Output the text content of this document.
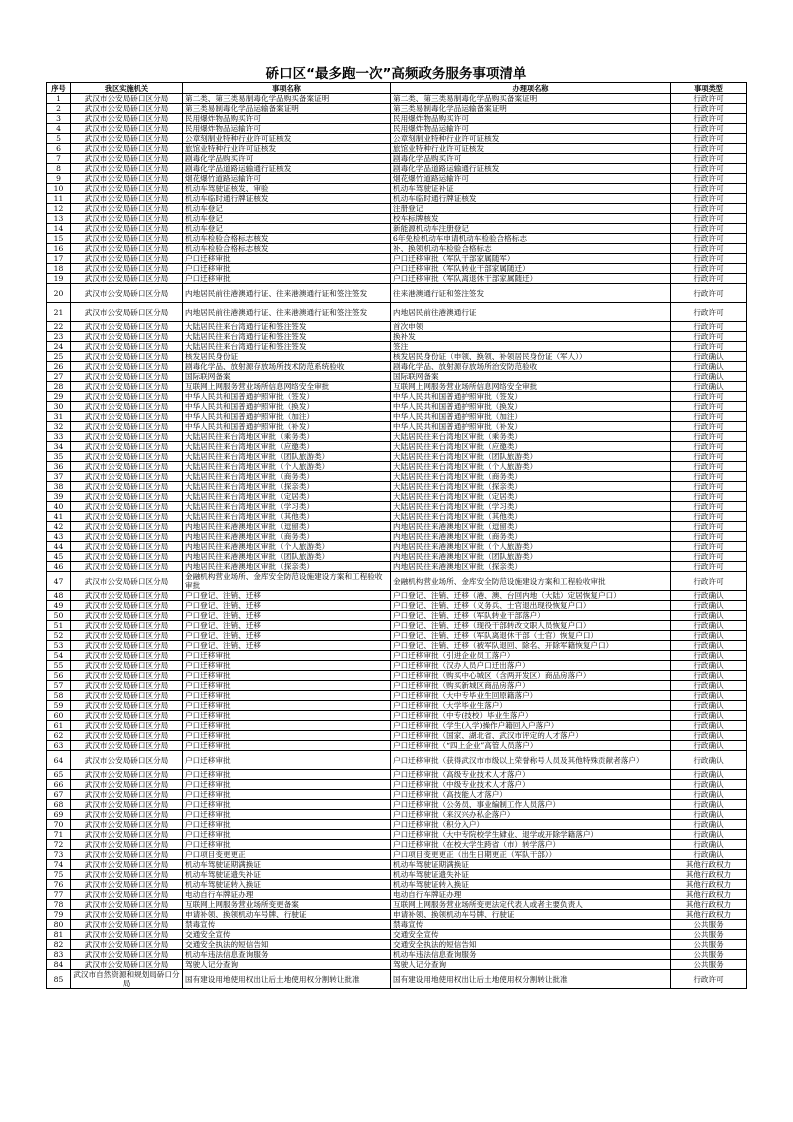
硚口区“最多跑一次”高频政务服务事项清单
序号	我区实施机关	事项名称	办理项名称	事项类型
1	武汉市公安局硚口区分局	第二类、第三类易制毒化学品购买备案证明	第二类、第三类易制毒化学品购买备案证明	行政许可
2	武汉市公安局硚口区分局	第三类易制毒化学品运输备案证明	第三类易制毒化学品运输备案证明	行政许可
3	武汉市公安局硚口区分局	民用爆炸物品购买许可	民用爆炸物品购买许可	行政许可
4	武汉市公安局硚口区分局	民用爆炸物品运输许可	民用爆炸物品运输许可	行政许可
5	武汉市公安局硚口区分局	公章刻制业特种行业许可证核发	公章刻制业特种行业许可证核发	行政许可
6	武汉市公安局硚口区分局	旅馆业特种行业许可证核发	旅馆业特种行业许可证核发	行政许可
7	武汉市公安局硚口区分局	剧毒化学品购买许可	剧毒化学品购买许可	行政许可
8	武汉市公安局硚口区分局	剧毒化学品道路运输通行证核发	剧毒化学品道路运输通行证核发	行政许可
9	武汉市公安局硚口区分局	烟花爆竹道路运输许可	烟花爆竹道路运输许可	行政许可
10	武汉市公安局硚口区分局	机动车驾驶证核发、审验	机动车驾驶证补证	行政许可
11	武汉市公安局硚口区分局	机动车临时通行牌证核发	机动车临时通行牌证核发	行政许可
12	武汉市公安局硚口区分局	机动车登记	注册登记	行政许可
13	武汉市公安局硚口区分局	机动车登记	校车标牌核发	行政许可
14	武汉市公安局硚口区分局	机动车登记	新能源机动车注册登记	行政许可
15	武汉市公安局硚口区分局	机动车检验合格标志核发	6年免检机动车申请机动车检验合格标志	行政许可
16	武汉市公安局硚口区分局	机动车检验合格标志核发	补、换领机动车检验合格标志	行政许可
17	武汉市公安局硚口区分局	户口迁移审批	户口迁移审批（军队干部家属随军）	行政许可
18	武汉市公安局硚口区分局	户口迁移审批	户口迁移审批（军队转业干部家属随迁）	行政许可
19	武汉市公安局硚口区分局	户口迁移审批	户口迁移审批（军队离退休干部家属随迁）	行政许可
20	武汉市公安局硚口区分局	内地居民前往港澳通行证、往来港澳通行证和签注签发	往来港澳通行证和签注签发	行政许可
21	武汉市公安局硚口区分局	内地居民前往港澳通行证、往来港澳通行证和签注签发	内地居民前往港澳通行证	行政许可
22	武汉市公安局硚口区分局	大陆居民往来台湾通行证和签注签发	首次申领	行政许可
23	武汉市公安局硚口区分局	大陆居民往来台湾通行证和签注签发	换补发	行政许可
24	武汉市公安局硚口区分局	大陆居民往来台湾通行证和签注签发	签注	行政许可
25	武汉市公安局硚口区分局	核发居民身份证	核发居民身份证（申领、换领、补领居民身份证（军人））	行政确认
26	武汉市公安局硚口区分局	剧毒化学品、放射源存放场所技术防范系统验收	剧毒化学品、放射源存放场所治安防范验收	行政确认
27	武汉市公安局硚口区分局	国际联网备案	国际联网备案	行政确认
28	武汉市公安局硚口区分局	互联网上网服务营业场所信息网络安全审批	互联网上网服务营业场所信息网络安全审批	行政确认
29	武汉市公安局硚口区分局	中华人民共和国普通护照审批（签发）	中华人民共和国普通护照审批（签发）	行政许可
30	武汉市公安局硚口区分局	中华人民共和国普通护照审批（换发）	中华人民共和国普通护照审批（换发）	行政许可
31	武汉市公安局硚口区分局	中华人民共和国普通护照审批（加注）	中华人民共和国普通护照审批（加注）	行政许可
32	武汉市公安局硚口区分局	中华人民共和国普通护照审批（补发）	中华人民共和国普通护照审批（补发）	行政许可
33	武汉市公安局硚口区分局	大陆居民往来台湾地区审批（乘务类）	大陆居民往来台湾地区审批（乘务类）	行政许可
34	武汉市公安局硚口区分局	大陆居民往来台湾地区审批（应邀类）	大陆居民往来台湾地区审批（应邀类）	行政许可
35	武汉市公安局硚口区分局	大陆居民往来台湾地区审批（团队旅游类）	大陆居民往来台湾地区审批（团队旅游类）	行政许可
36	武汉市公安局硚口区分局	大陆居民往来台湾地区审批（个人旅游类）	大陆居民往来台湾地区审批（个人旅游类）	行政许可
37	武汉市公安局硚口区分局	大陆居民往来台湾地区审批（商务类）	大陆居民往来台湾地区审批（商务类）	行政许可
38	武汉市公安局硚口区分局	大陆居民往来台湾地区审批（探亲类）	大陆居民往来台湾地区审批（探亲类）	行政许可
39	武汉市公安局硚口区分局	大陆居民往来台湾地区审批（定居类）	大陆居民往来台湾地区审批（定居类）	行政许可
40	武汉市公安局硚口区分局	大陆居民往来台湾地区审批（学习类）	大陆居民往来台湾地区审批（学习类）	行政许可
41	武汉市公安局硚口区分局	大陆居民往来台湾地区审批（其他类）	大陆居民往来台湾地区审批（其他类）	行政许可
42	武汉市公安局硚口区分局	内地居民往来港澳地区审批（逗留类）	内地居民往来港澳地区审批（逗留类）	行政许可
43	武汉市公安局硚口区分局	内地居民往来港澳地区审批（商务类）	内地居民往来港澳地区审批（商务类）	行政许可
44	武汉市公安局硚口区分局	内地居民往来港澳地区审批（个人旅游类）	内地居民往来港澳地区审批（个人旅游类）	行政许可
45	武汉市公安局硚口区分局	内地居民往来港澳地区审批（团队旅游类）	内地居民往来港澳地区审批（团队旅游类）	行政许可
46	武汉市公安局硚口区分局	内地居民往来港澳地区审批（探亲类）	内地居民往来港澳地区审批（探亲类）	行政许可
47	武汉市公安局硚口区分局	金融机构营业场所、金库安全防范设施建设方案和工程验收审批	金融机构营业场所、金库安全防范设施建设方案和工程验收审批	行政许可
48	武汉市公安局硚口区分局	户口登记、注销、迁移	户口登记、注销、迁移（港、澳、台回内地（大陆）定居恢复户口）	行政确认
49	武汉市公安局硚口区分局	户口登记、注销、迁移	户口登记、注销、迁移（义务兵、士官退出现役恢复户口）	行政确认
50	武汉市公安局硚口区分局	户口登记、注销、迁移	户口登记、注销、迁移（军队转业干部落户）	行政确认
51	武汉市公安局硚口区分局	户口登记、注销、迁移	户口登记、注销、迁移（现役干部转改文职人员恢复户口）	行政确认
52	武汉市公安局硚口区分局	户口登记、注销、迁移	户口登记、注销、迁移（军队离退休干部（士官）恢复户口）	行政确认
53	武汉市公安局硚口区分局	户口登记、注销、迁移	户口登记、注销、迁移（被军队退回、除名、开除军籍恢复户口）	行政确认
54	武汉市公安局硚口区分局	户口迁移审批	户口迁移审批（引进企业员工落户）	行政确认
55	武汉市公安局硚口区分局	户口迁移审批	户口迁移审批（汉办人员户口迁出落户）	行政确认
56	武汉市公安局硚口区分局	户口迁移审批	户口迁移审批（购买中心城区（含两开发区）商品房落户）	行政确认
57	武汉市公安局硚口区分局	户口迁移审批	户口迁移审批（购买新城区商品房落户）	行政确认
58	武汉市公安局硚口区分局	户口迁移审批	户口迁移审批（大中专毕业生回原籍落户）	行政确认
59	武汉市公安局硚口区分局	户口迁移审批	户口迁移审批（大学毕业生落户）	行政确认
60	武汉市公安局硚口区分局	户口迁移审批	户口迁移审批（中专(技校）毕业生落户）	行政确认
61	武汉市公安局硚口区分局	户口迁移审批	户口迁移审批（学生(入学)操作户籍回入户落户）	行政确认
62	武汉市公安局硚口区分局	户口迁移审批	户口迁移审批（国家、湖北省、武汉市评定的人才落户）	行政确认
63	武汉市公安局硚口区分局	户口迁移审批	户口迁移审批（“四上企业”高管人员落户）	行政确认
64	武汉市公安局硚口区分局	户口迁移审批	户口迁移审批（获得武汉市市级以上荣誉称号人员及其他特殊贡献者落户）	行政确认
65	武汉市公安局硚口区分局	户口迁移审批	户口迁移审批（高级专业技术人才落户）	行政确认
66	武汉市公安局硚口区分局	户口迁移审批	户口迁移审批（中级专业技术人才落户）	行政确认
67	武汉市公安局硚口区分局	户口迁移审批	户口迁移审批（高技能人才落户）	行政确认
68	武汉市公安局硚口区分局	户口迁移审批	户口迁移审批（公务员、事业编制工作人员落户）	行政确认
69	武汉市公安局硚口区分局	户口迁移审批	户口迁移审批（来汉兴办私企落户）	行政确认
70	武汉市公安局硚口区分局	户口迁移审批	户口迁移审批（积分入户）	行政确认
71	武汉市公安局硚口区分局	户口迁移审批	户口迁移审批（大中专院校学生肄业、退学或开除学籍落户）	行政确认
72	武汉市公安局硚口区分局	户口迁移审批	户口迁移审批（在校大学生跨省（市）转学落户）	行政确认
73	武汉市公安局硚口区分局	户口项目变更更正	户口项目变更更正（出生日期更正（军队干部））	行政确认
74	武汉市公安局硚口区分局	机动车驾驶证期满换证	机动车驾驶证期满换证	其他行政权力
75	武汉市公安局硚口区分局	机动车驾驶证遗失补证	机动车驾驶证遗失补证	其他行政权力
76	武汉市公安局硚口区分局	机动车驾驶证转入换证	机动车驾驶证转入换证	其他行政权力
77	武汉市公安局硚口区分局	电动自行车牌证办理	电动自行车牌证办理	其他行政权力
78	武汉市公安局硚口区分局	互联网上网服务营业场所变更备案	互联网上网服务营业场所变更法定代表人或者主要负责人	其他行政权力
79	武汉市公安局硚口区分局	申请补领、换领机动车号牌、行驶证	申请补领、换领机动车号牌、行驶证	其他行政权力
80	武汉市公安局硚口区分局	禁毒宣传	禁毒宣传	公共服务
81	武汉市公安局硚口区分局	交通安全宣传	交通安全宣传	公共服务
82	武汉市公安局硚口区分局	交通安全执法的短信告知	交通安全执法的短信告知	公共服务
83	武汉市公安局硚口区分局	机动车违法信息查询服务	机动车违法信息查询服务	公共服务
84	武汉市公安局硚口区分局	驾驶人记分查询	驾驶人记分查询	公共服务
85	武汉市自然资源和规划局硚口分局	国有建设用地使用权出让后土地使用权分割转让批准	国有建设用地使用权出让后土地使用权分割转让批准	行政许可
